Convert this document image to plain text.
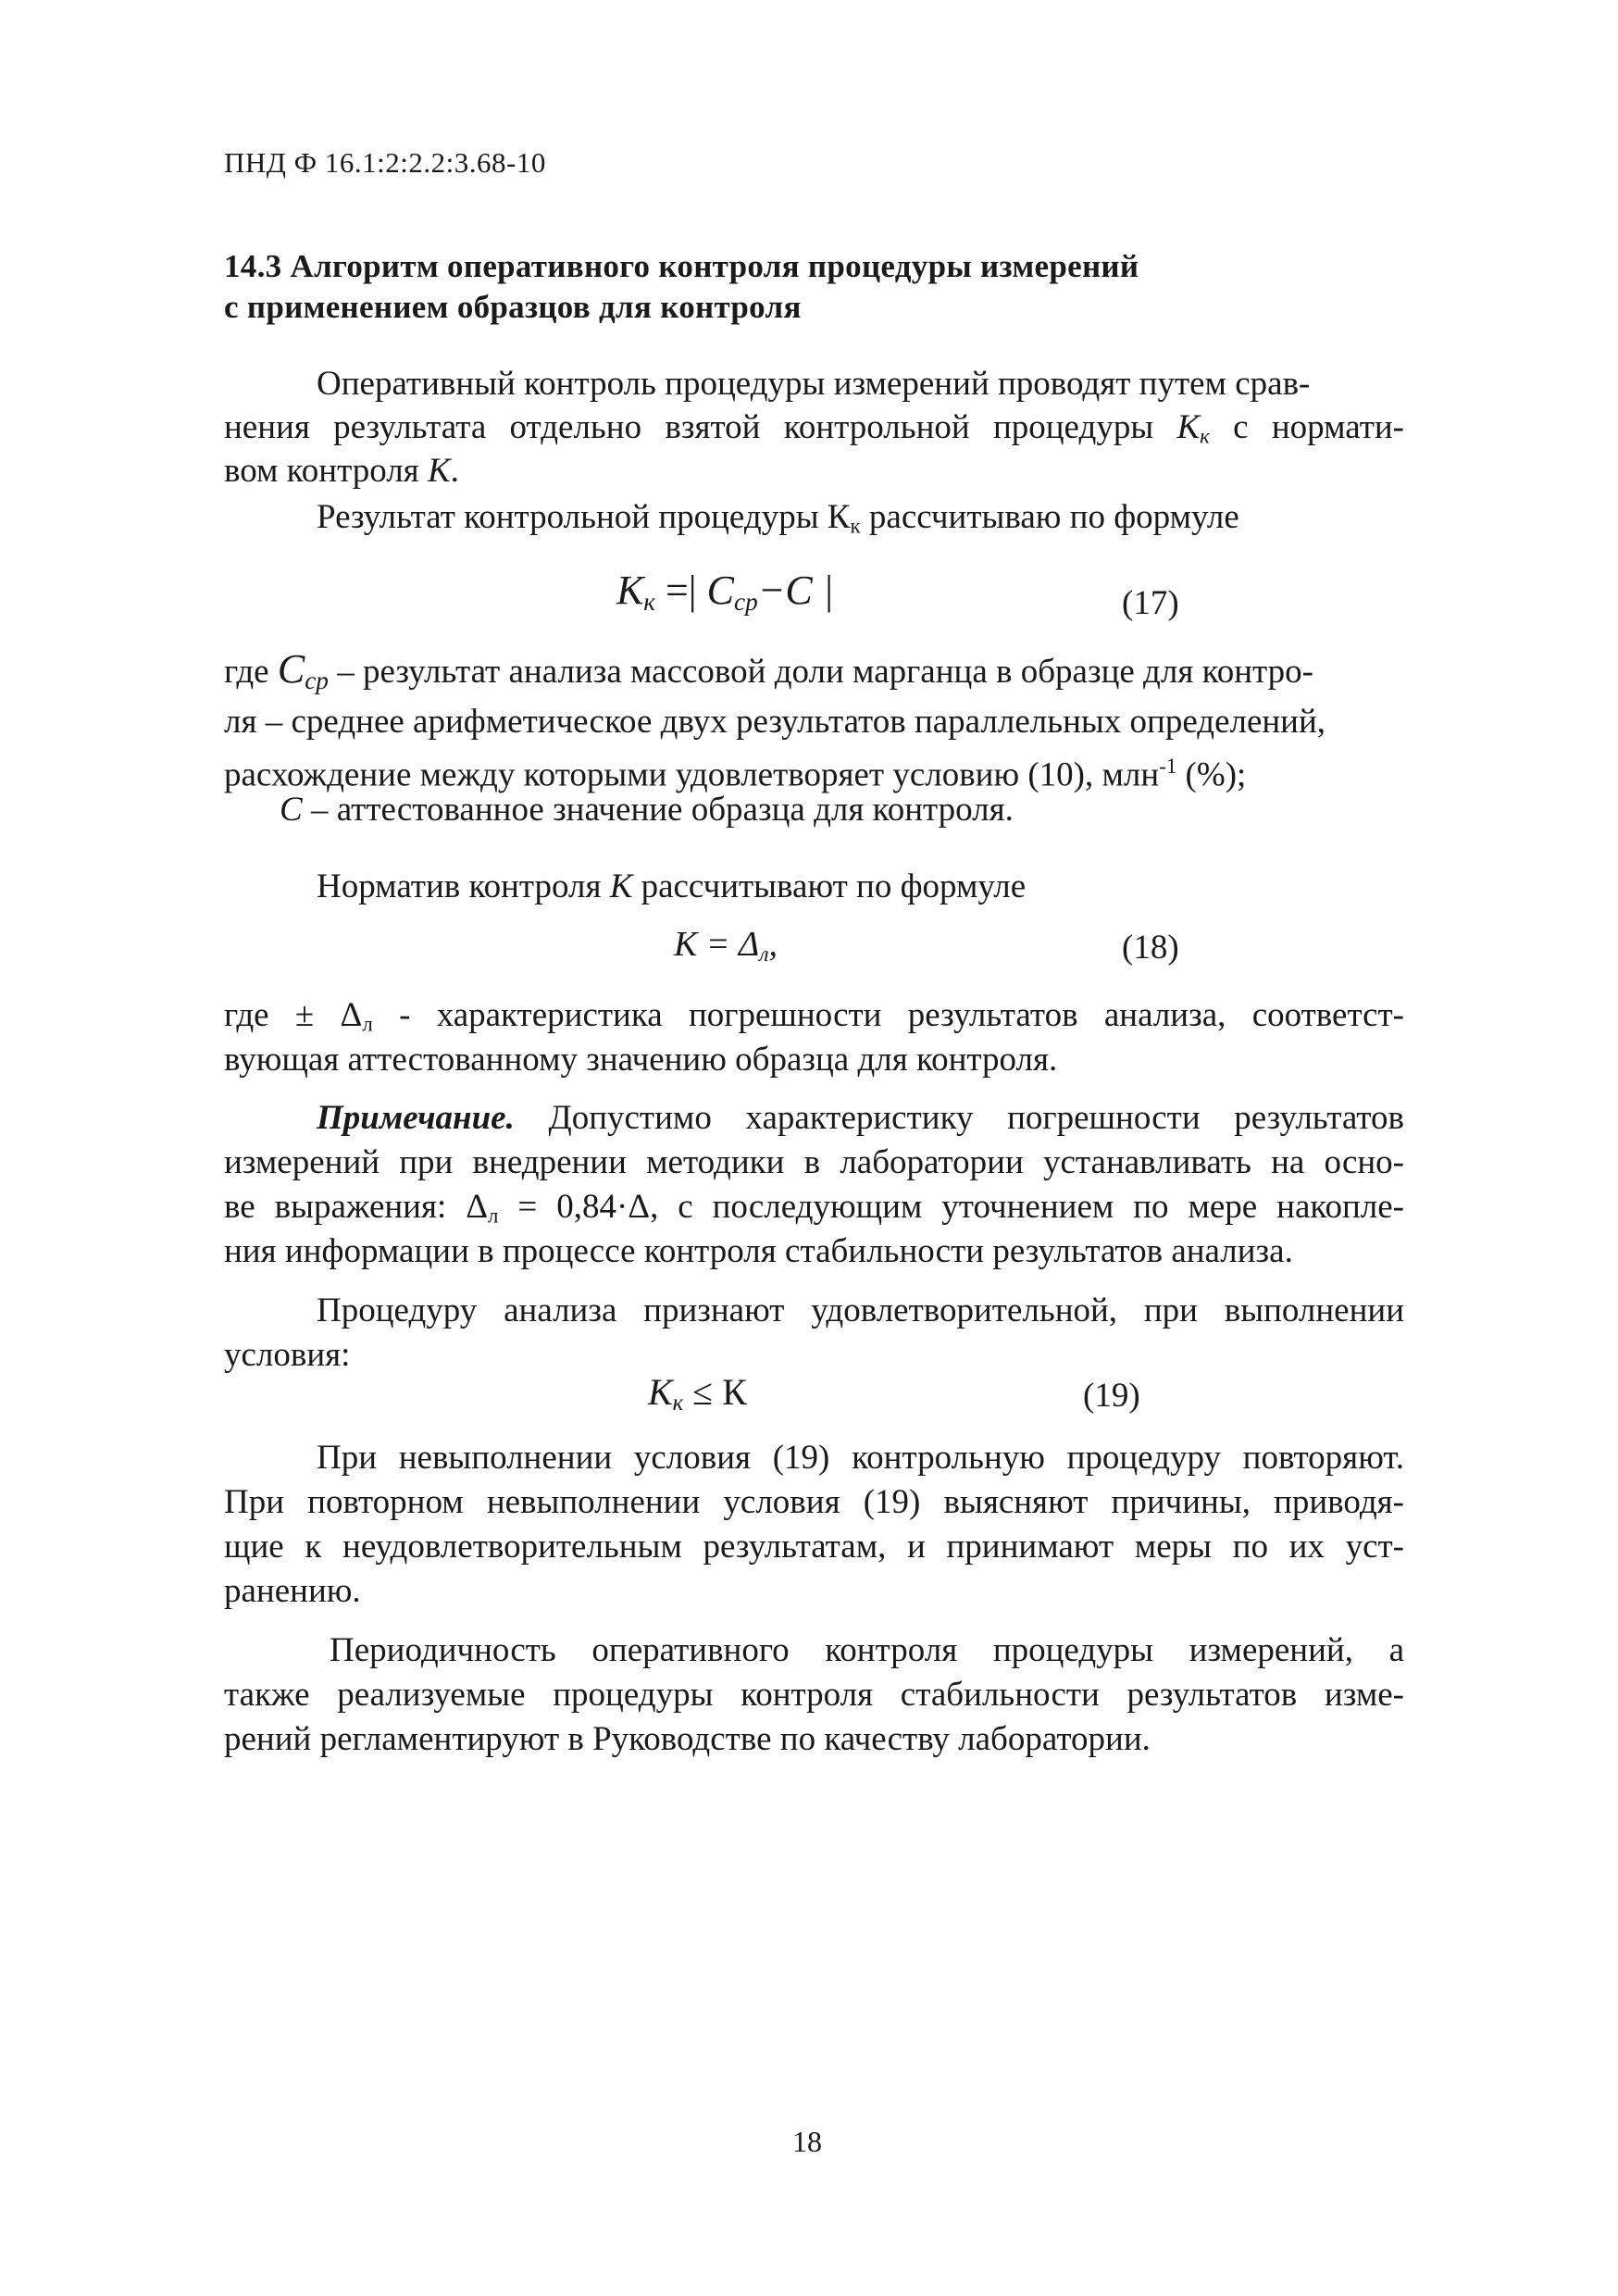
ПНД Ф 16.1:2:2.2:3.68-10
14.3 Алгоритм оперативного контроля процедуры измерений
с применением образцов для контроля
Оперативный контроль процедуры измерений проводят путем срав-
нения результата отдельно взятой контрольной процедуры $K_к$ с нормати-
вом контроля K.
Результат контрольной процедуры $К_к$ рассчитываю по формуле
$К_к$ =| $C_{ср}-C$ |	(17)
где $C_{ср}$ – результат анализа массовой доли марганца в образце для контро-
ля – среднее арифметическое двух результатов параллельных определений,
расхождение между которыми удовлетворяет условию (10), млн$^{-1}$ (%);
С – аттестованное значение образца для контроля.
Норматив контроля К рассчитывают по формуле
$К = \Delta_л$,	(18)
где ± $\Delta_л$ - характеристика погрешности результатов анализа, соответст-
вующая аттестованному значению образца для контроля.
Примечание. Допустимо характеристику погрешности результатов
измерений при внедрении методики в лаборатории устанавливать на осно-
ве выражения: $\Delta_л = 0,84\cdot\Delta$, с последующим уточнением по мере накопле-
ния информации в процессе контроля стабильности результатов анализа.
Процедуру анализа признают удовлетворительной, при выполнении
условия:
$К_к \le К$	(19)
При невыполнении условия (19) контрольную процедуру повторяют.
При повторном невыполнении условия (19) выясняют причины, приводя-
щие к неудовлетворительным результатам, и принимают меры по их уст-
ранению.
Периодичность оперативного контроля процедуры измерений, а
также реализуемые процедуры контроля стабильности результатов изме-
рений регламентируют в Руководстве по качеству лаборатории.
18
